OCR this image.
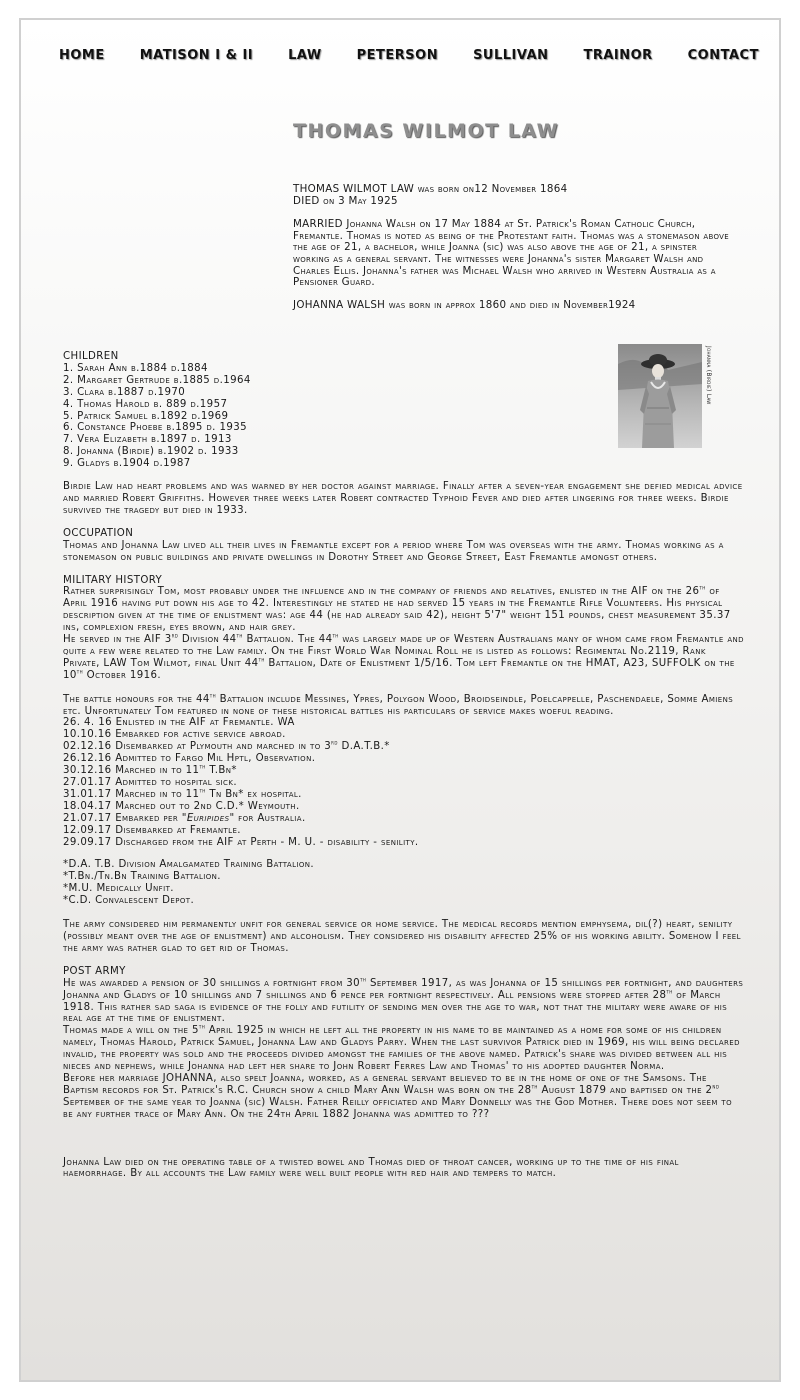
HOME	MATISON I & II	LAW	PETERSON	SULLIVAN	TRAINOR	CONTACT
THOMAS WILMOT LAW

THOMAS WILMOT LAW was born on12 November 1864
DIED on 3 May 1925

MARRIED Johanna Walsh on 17 May 1884 at St. Patrick's Roman Catholic Church, Fremantle. Thomas is noted as being of the Protestant faith. Thomas was a stonemason above the age of 21, a bachelor, while Joanna (sic) was also above the age of 21, a spinster working as a general servant. The witnesses were Johanna's sister Margaret Walsh and Charles Ellis. Johanna's father was Michael Walsh who arrived in Western Australia as a Pensioner Guard.

JOHANNA WALSH was born in approx 1860 and died in November1924

Johanna (Birdie) Law

CHILDREN

1. Sarah Ann b.1884 d.1884

2. Margaret Gertrude b.1885 d.1964

3. Clara b.1887 d.1970

4. Thomas Harold b. 889 d.1957

5. Patrick Samuel b.1892 d.1969

6. Constance Phoebe b.1895 d. 1935

7. Vera Elizabeth b.1897 d. 1913

8. Johanna (Birdie) b.1902 d. 1933

9. Gladys b.1904 d.1987

Birdie Law had heart problems and was warned by her doctor against marriage. Finally after a seven-year engagement she defied medical advice and married Robert Griffiths. However three weeks later Robert contracted Typhoid Fever and died after lingering for three weeks. Birdie survived the tragedy but died in 1933.

OCCUPATION

Thomas and Johanna Law lived all their lives in Fremantle except for a period where Tom was overseas with the army. Thomas working as a stonemason on public buildings and private dwellings in Dorothy Street and George Street, East Fremantle amongst others.

MILITARY HISTORY

Rather surprisingly Tom, most probably under the influence and in the company of friends and relatives, enlisted in the AIF on the 26th of April 1916 having put down his age to 42. Interestingly he stated he had served 15 years in the Fremantle Rifle Volunteers. His physical description given at the time of enlistment was: age 44 (he had already said 42), height 5'7" weight 151 pounds, chest measurement 35.37 ins, complexion fresh, eyes brown, and hair grey.

He served in the AIF 3rd Division 44th Battalion. The 44th was largely made up of Western Australians many of whom came from Fremantle and quite a few were related to the Law family. On the First World War Nominal Roll he is listed as follows: Regimental No.2119, Rank Private, LAW Tom Wilmot, final Unit 44th Battalion, Date of Enlistment 1/5/16. Tom left Fremantle on the HMAT, A23, SUFFOLK on the 10th October 1916.

The battle honours for the 44th Battalion include Messines, Ypres, Polygon Wood, Broidseindle, Poelcappelle, Paschendaele, Somme Amiens etc. Unfortunately Tom featured in none of these historical battles his particulars of service makes woeful reading.

26. 4. 16 Enlisted in the AIF at Fremantle. WA

10.10.16 Embarked for active service abroad.

02.12.16 Disembarked at Plymouth and marched in to 3rd D.A.T.B.*

26.12.16 Admitted to Fargo Mil Hptl, Observation.

30.12.16 Marched in to 11th T.Bn*

27.01.17 Admitted to hospital sick.

31.01.17 Marched in to 11th Tn Bn* ex hospital.

18.04.17 Marched out to 2nd C.D.* Weymouth.

21.07.17 Embarked per "Euripides" for Australia.

12.09.17 Disembarked at Fremantle.

29.09.17 Discharged from the AIF at Perth - M. U. - disability - senility.

*D.A. T.B. Division Amalgamated Training Battalion.

*T.Bn./Tn.Bn Training Battalion.

*M.U. Medically Unfit.

*C.D. Convalescent Depot.

The army considered him permanently unfit for general service or home service. The medical records mention emphysema, dil(?) heart, senility (possibly meant over the age of enlistment) and alcoholism. They considered his disability affected 25% of his working ability. Somehow I feel the army was rather glad to get rid of Thomas.

POST ARMY

He was awarded a pension of 30 shillings a fortnight from 30th September 1917, as was Johanna of 15 shillings per fortnight, and daughters Johanna and Gladys of 10 shillings and 7 shillings and 6 pence per fortnight respectively. All pensions were stopped after 28th of March 1918. This rather sad saga is evidence of the folly and futility of sending men over the age to war, not that the military were aware of his real age at the time of enlistment.

Thomas made a will on the 5th April 1925 in which he left all the property in his name to be maintained as a home for some of his children namely, Thomas Harold, Patrick Samuel, Johanna Law and Gladys Parry. When the last survivor Patrick died in 1969, his will being declared invalid, the property was sold and the proceeds divided amongst the families of the above named. Patrick's share was divided between all his nieces and nephews, while Johanna had left her share to John Robert Ferres Law and Thomas' to his adopted daughter Norma.

Before her marriage JOHANNA, also spelt Joanna, worked, as a general servant believed to be in the home of one of the Samsons. The Baptism records for St. Patrick's R.C. Church show a child Mary Ann Walsh was born on the 28th August 1879 and baptised on the 2nd September of the same year to Joanna (sic) Walsh. Father Reilly officiated and Mary Donnelly was the God Mother. There does not seem to be any further trace of Mary Ann. On the 24th April 1882 Johanna was admitted to ???

Johanna Law died on the operating table of a twisted bowel and Thomas died of throat cancer, working up to the time of his final haemorrhage. By all accounts the Law family were well built people with red hair and tempers to match.
